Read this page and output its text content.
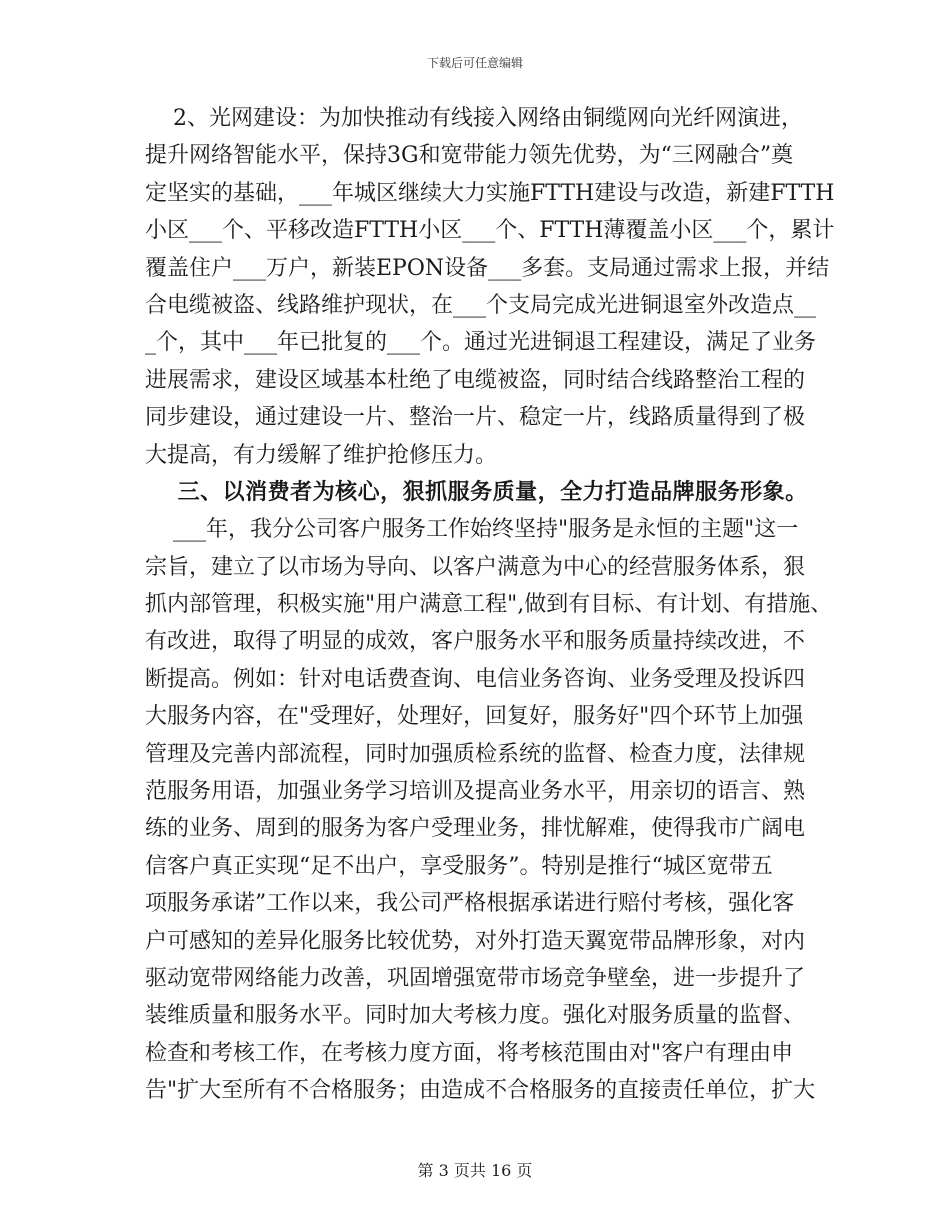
下载后可任意编辑
2、光网建设：为加快推动有线接入网络由铜缆网向光纤网演进，
提升网络智能水平，保持3G和宽带能力领先优势，为“三网融合”奠
定坚实的基础，___年城区继续大力实施FTTH建设与改造，新建FTTH
小区___个、平移改造FTTH小区___个、FTTH薄覆盖小区___个，累计
覆盖住户___万户，新装EPON设备___多套。支局通过需求上报，并结
合电缆被盗、线路维护现状，在___个支局完成光进铜退室外改造点__
_个，其中___年已批复的___个。通过光进铜退工程建设，满足了业务
进展需求，建设区域基本杜绝了电缆被盗，同时结合线路整治工程的
同步建设，通过建设一片、整治一片、稳定一片，线路质量得到了极
大提高，有力缓解了维护抢修压力。
三、以消费者为核心，狠抓服务质量，全力打造品牌服务形象。
___年，我分公司客户服务工作始终坚持"服务是永恒的主题"这一
宗旨，建立了以市场为导向、以客户满意为中心的经营服务体系，狠
抓内部管理，积极实施"用户满意工程",做到有目标、有计划、有措施、
有改进，取得了明显的成效，客户服务水平和服务质量持续改进，不
断提高。例如：针对电话费查询、电信业务咨询、业务受理及投诉四
大服务内容，在"受理好，处理好，回复好，服务好"四个环节上加强
管理及完善内部流程，同时加强质检系统的监督、检查力度，法律规
范服务用语，加强业务学习培训及提高业务水平，用亲切的语言、熟
练的业务、周到的服务为客户受理业务，排忧解难，使得我市广阔电
信客户真正实现“足不出户，享受服务”。特别是推行“城区宽带五
项服务承诺”工作以来，我公司严格根据承诺进行赔付考核，强化客
户可感知的差异化服务比较优势，对外打造天翼宽带品牌形象，对内
驱动宽带网络能力改善，巩固增强宽带市场竞争壁垒，进一步提升了
装维质量和服务水平。同时加大考核力度。强化对服务质量的监督、
检查和考核工作，在考核力度方面，将考核范围由对"客户有理由申
告"扩大至所有不合格服务；由造成不合格服务的直接责任单位，扩大
第 3 页共 16 页
